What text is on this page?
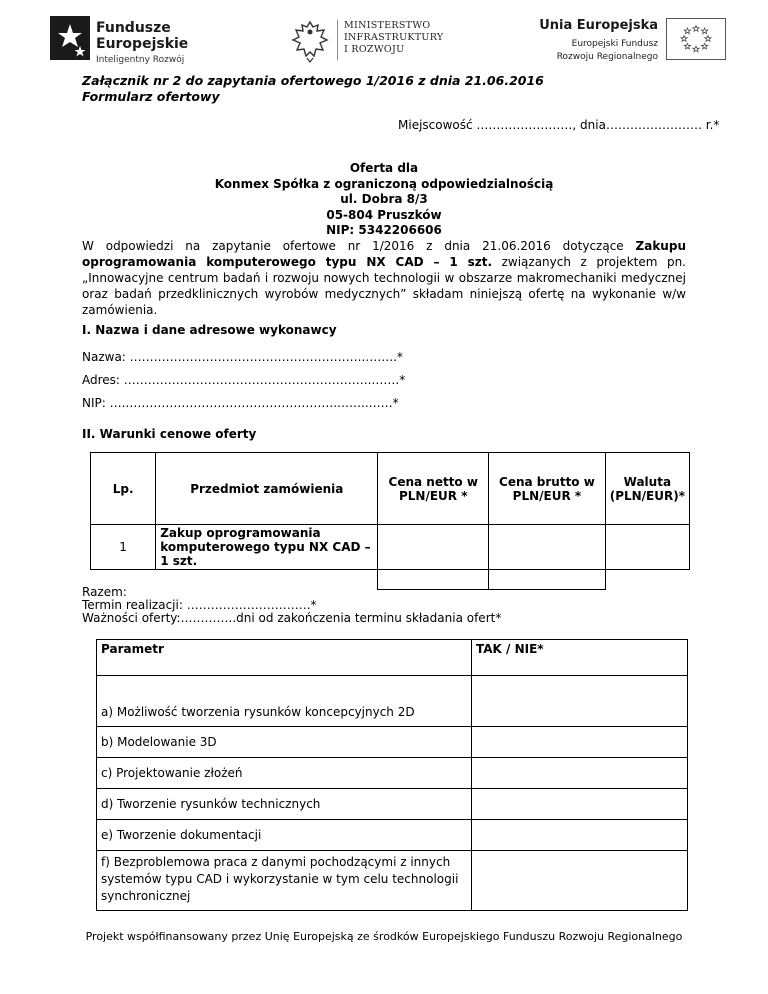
Fundusze
Europejskie
Inteligentny Rozwój
MINISTERSTWO
INFRASTRUKTURY
I ROZWOJU
Unia Europejska
Europejski Fundusz
Rozwoju Regionalnego
Załącznik nr 2 do zapytania ofertowego 1/2016 z dnia 21.06.2016
Formularz ofertowy
Miejscowość ……………………, dnia…………………… r.*
Oferta dla
Konmex Spółka z ograniczoną odpowiedzialnością
ul. Dobra 8/3
05-804 Pruszków
NIP: 5342206606
W odpowiedzi na zapytanie ofertowe nr 1/2016 z dnia 21.06.2016 dotyczące Zakupu oprogramowania komputerowego typu NX CAD – 1 szt. związanych z projektem pn. „Innowacyjne centrum badań i rozwoju nowych technologii w obszarze makromechaniki medycznej oraz badań przedklinicznych wyrobów medycznych” składam niniejszą ofertę na wykonanie w/w zamówienia.
I. Nazwa i dane adresowe wykonawcy
Nazwa: …………………………………………………..……..*
Adres: ……………………………………………………..…….*
NIP: ….……………………………………………..……..……*
II. Warunki cenowe oferty
Lp.	Przedmiot zamówienia	Cena netto w PLN/EUR *	Cena brutto w PLN/EUR *	Waluta (PLN/EUR)*
1	Zakup oprogramowania komputerowego typu NX CAD – 1 szt.			

Razem:
Termin realizacji: ………………………….*
Ważności oferty:…………..dni od zakończenia terminu składania ofert*
Parametr	TAK / NIE*

a) Możliwość tworzenia rysunków koncepcyjnych 2D	
b) Modelowanie 3D	
c) Projektowanie złożeń	
d) Tworzenie rysunków technicznych	
e) Tworzenie dokumentacji	
f) Bezproblemowa praca z danymi pochodzącymi z innych systemów typu CAD i wykorzystanie w tym celu technologii synchronicznej	
Projekt współfinansowany przez Unię Europejską ze środków Europejskiego Funduszu Rozwoju Regionalnego
